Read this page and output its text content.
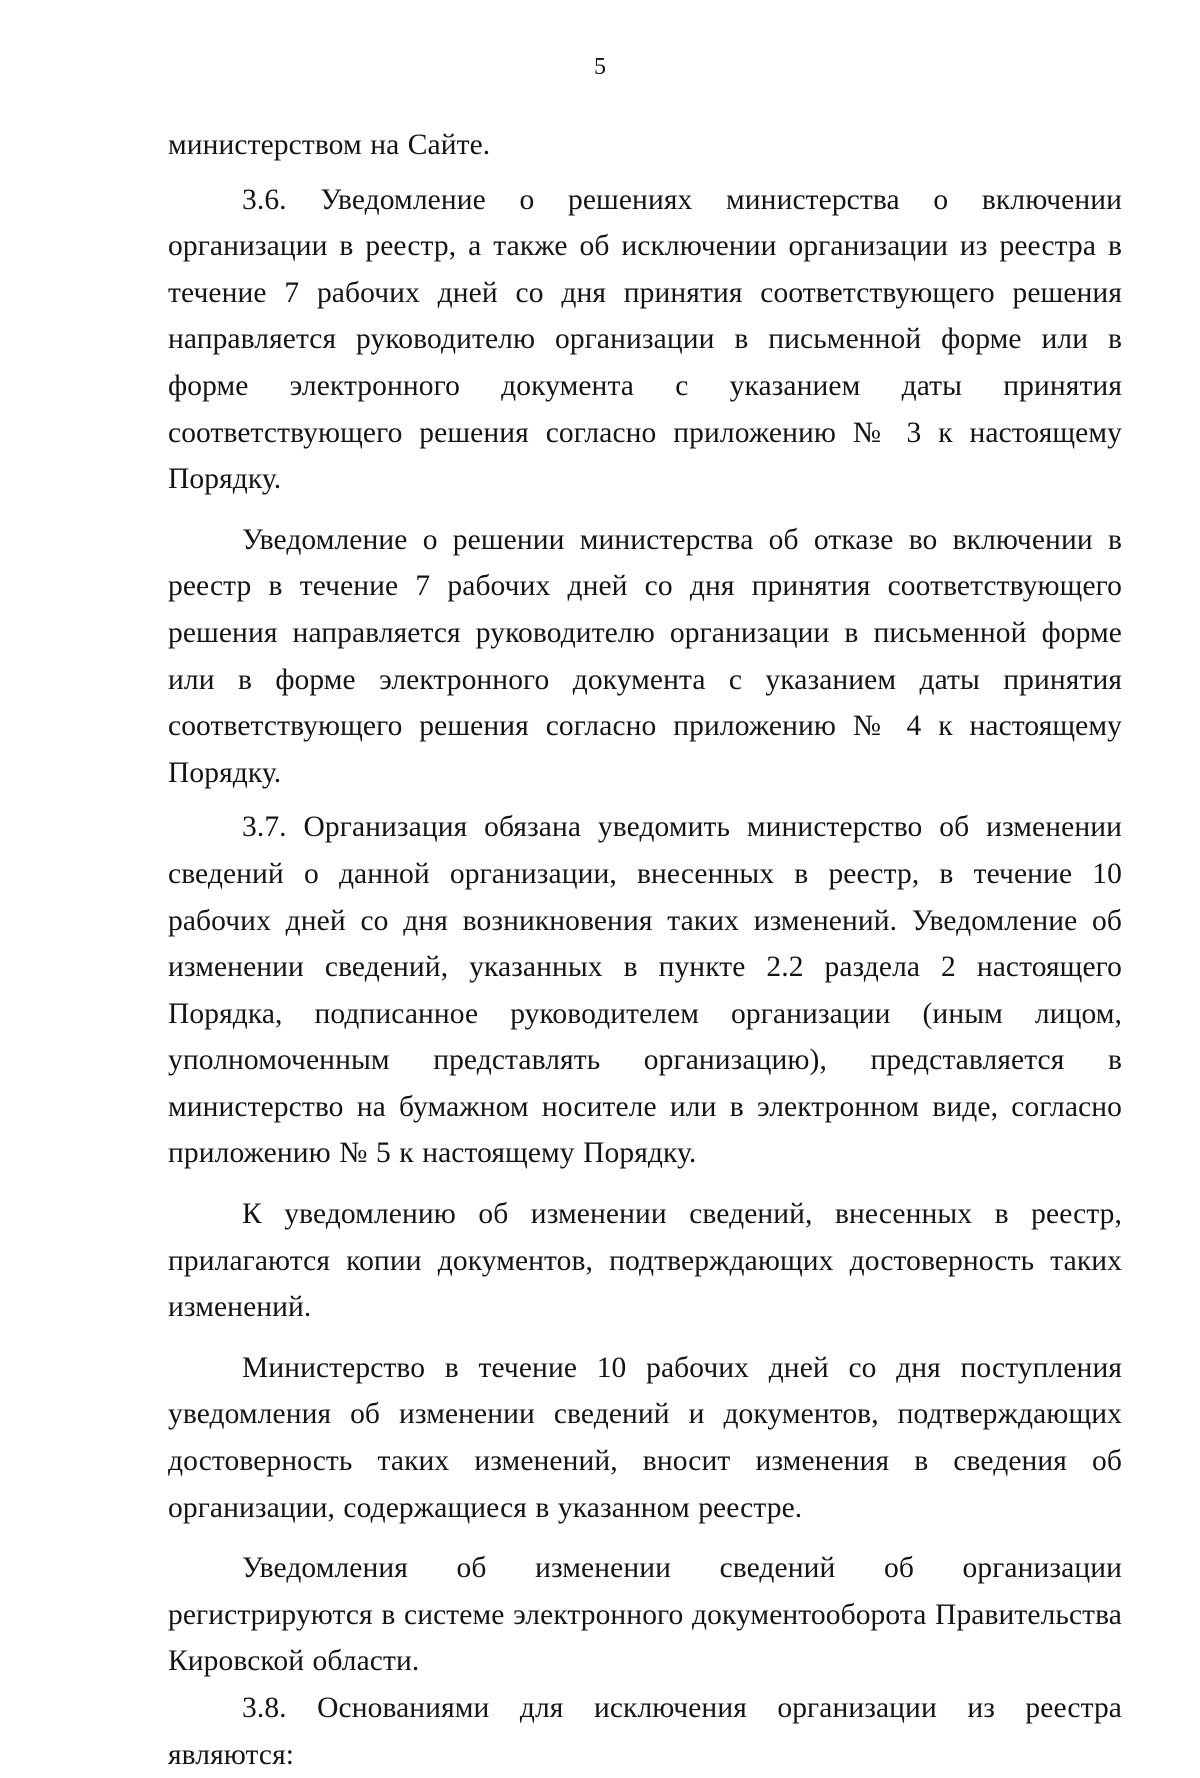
5

министерством на Сайте.

3.6. Уведомление о решениях министерства о включении организации в реестр, а также об исключении организации из реестра в течение 7 рабочих дней со дня принятия соответствующего решения направляется руководителю организации в письменной форме или в форме электронного документа с указанием даты принятия соответствующего решения согласно приложению № 3 к настоящему Порядку.

Уведомление о решении министерства об отказе во включении в реестр в течение 7 рабочих дней со дня принятия соответствующего решения направляется руководителю организации в письменной форме или в форме электронного документа с указанием даты принятия соответствующего решения согласно приложению № 4 к настоящему Порядку.

3.7. Организация обязана уведомить министерство об изменении сведений о данной организации, внесенных в реестр, в течение 10 рабочих дней со дня возникновения таких изменений. Уведомление об изменении сведений, указанных в пункте 2.2 раздела 2 настоящего Порядка, подписанное руководителем организации (иным лицом, уполномоченным представлять организацию), представляется в министерство на бумажном носителе или в электронном виде, согласно приложению № 5 к настоящему Порядку.

К уведомлению об изменении сведений, внесенных в реестр, прилагаются копии документов, подтверждающих достоверность таких изменений.

Министерство в течение 10 рабочих дней со дня поступления уведомления об изменении сведений и документов, подтверждающих достоверность таких изменений, вносит изменения в сведения об организации, содержащиеся в указанном реестре.

Уведомления об изменении сведений об организации регистрируются в системе электронного документооборота Правительства Кировской области.

3.8. Основаниями для исключения организации из реестра являются:
